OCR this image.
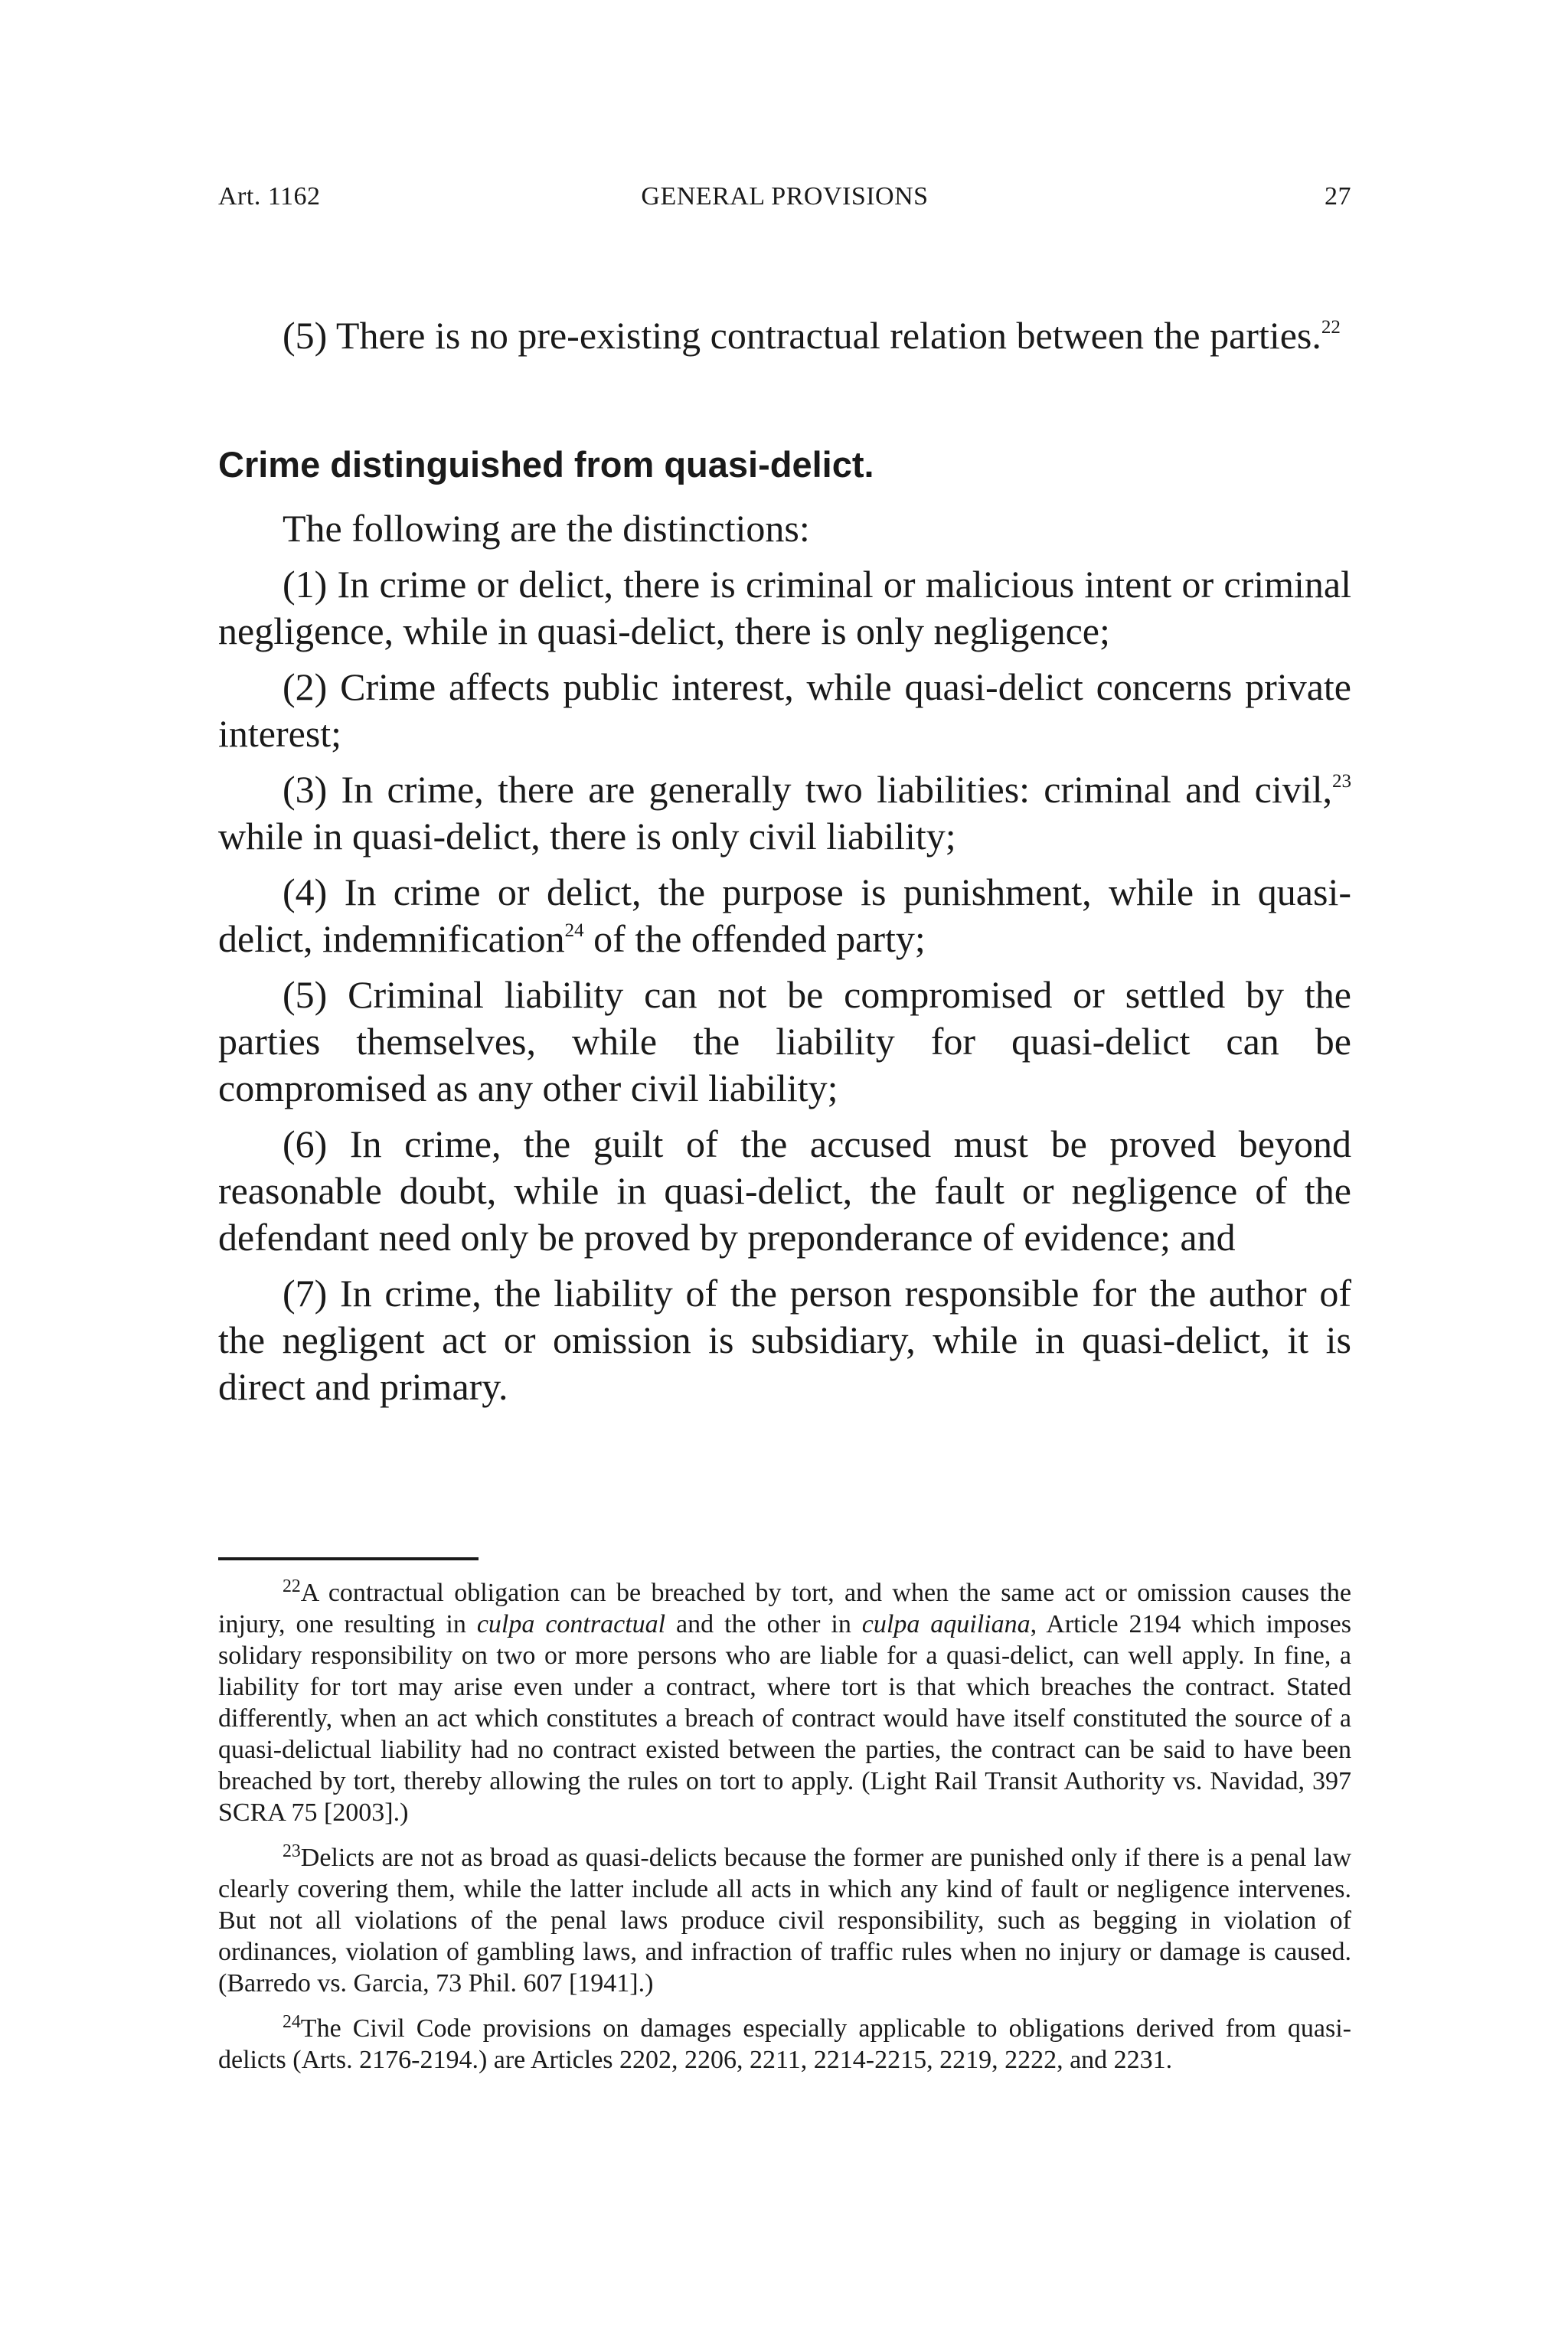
Art. 1162	GENERAL PROVISIONS	27

(5) There is no pre-existing contractual relation between the parties.$^{22}$

Crime distinguished from quasi-delict.

The following are the distinctions:

(1) In crime or delict, there is criminal or malicious intent or criminal negligence, while in quasi-delict, there is only negligence;

(2) Crime affects public interest, while quasi-delict concerns private interest;

(3) In crime, there are generally two liabilities: criminal and civil,$^{23}$ while in quasi-delict, there is only civil liability;

(4) In crime or delict, the purpose is punishment, while in quasi-delict, indemnification$^{24}$ of the offended party;

(5) Criminal liability can not be compromised or settled by the parties themselves, while the liability for quasi-delict can be compromised as any other civil liability;

(6) In crime, the guilt of the accused must be proved beyond reasonable doubt, while in quasi-delict, the fault or negligence of the defendant need only be proved by preponderance of evidence; and

(7) In crime, the liability of the person responsible for the author of the negligent act or omission is subsidiary, while in quasi-delict, it is direct and primary.

$^{22}$A contractual obligation can be breached by tort, and when the same act or omission causes the injury, one resulting in culpa contractual and the other in culpa aquiliana, Article 2194 which imposes solidary responsibility on two or more persons who are liable for a quasi-delict, can well apply. In fine, a liability for tort may arise even under a contract, where tort is that which breaches the contract. Stated differently, when an act which constitutes a breach of contract would have itself constituted the source of a quasi-delictual liability had no contract existed between the parties, the contract can be said to have been breached by tort, thereby allowing the rules on tort to apply. (Light Rail Transit Authority vs. Navidad, 397 SCRA 75 [2003].)

$^{23}$Delicts are not as broad as quasi-delicts because the former are punished only if there is a penal law clearly covering them, while the latter include all acts in which any kind of fault or negligence intervenes. But not all violations of the penal laws produce civil responsibility, such as begging in violation of ordinances, violation of gambling laws, and infraction of traffic rules when no injury or damage is caused. (Barredo vs. Garcia, 73 Phil. 607 [1941].)

$^{24}$The Civil Code provisions on damages especially applicable to obligations derived from quasi-delicts (Arts. 2176-2194.) are Articles 2202, 2206, 2211, 2214-2215, 2219, 2222, and 2231.
